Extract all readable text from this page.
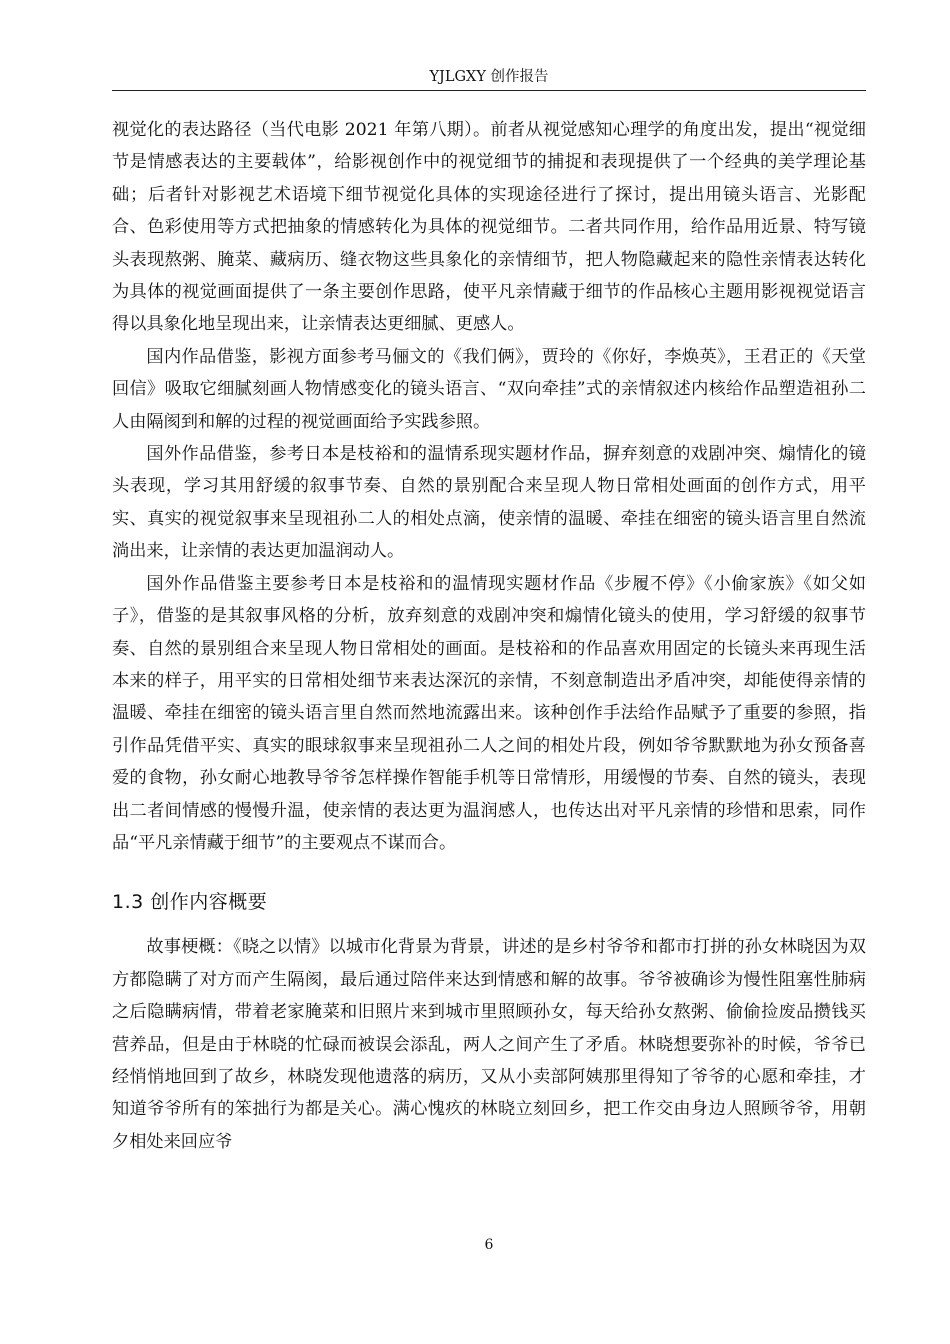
YJLGXY 创作报告

视觉化的表达路径（当代电影 2021 年第八期）。前者从视觉感知心理学的角度出发，提出“视觉细节是情感表达的主要载体”，给影视创作中的视觉细节的捕捉和表现提供了一个经典的美学理论基础；后者针对影视艺术语境下细节视觉化具体的实现途径进行了探讨，提出用镜头语言、光影配合、色彩使用等方式把抽象的情感转化为具体的视觉细节。二者共同作用，给作品用近景、特写镜头表现熬粥、腌菜、藏病历、缝衣物这些具象化的亲情细节，把人物隐藏起来的隐性亲情表达转化为具体的视觉画面提供了一条主要创作思路，使平凡亲情藏于细节的作品核心主题用影视视觉语言得以具象化地呈现出来，让亲情表达更细腻、更感人。

国内作品借鉴，影视方面参考马俪文的《我们俩》，贾玲的《你好，李焕英》，王君正的《天堂回信》吸取它细腻刻画人物情感变化的镜头语言、“双向牵挂”式的亲情叙述内核给作品塑造祖孙二人由隔阂到和解的过程的视觉画面给予实践参照。

国外作品借鉴，参考日本是枝裕和的温情系现实题材作品，摒弃刻意的戏剧冲突、煽情化的镜头表现，学习其用舒缓的叙事节奏、自然的景别配合来呈现人物日常相处画面的创作方式，用平实、真实的视觉叙事来呈现祖孙二人的相处点滴，使亲情的温暖、牵挂在细密的镜头语言里自然流淌出来，让亲情的表达更加温润动人。

国外作品借鉴主要参考日本是枝裕和的温情现实题材作品《步履不停》《小偷家族》《如父如子》，借鉴的是其叙事风格的分析，放弃刻意的戏剧冲突和煽情化镜头的使用，学习舒缓的叙事节奏、自然的景别组合来呈现人物日常相处的画面。是枝裕和的作品喜欢用固定的长镜头来再现生活本来的样子，用平实的日常相处细节来表达深沉的亲情，不刻意制造出矛盾冲突，却能使得亲情的温暖、牵挂在细密的镜头语言里自然而然地流露出来。该种创作手法给作品赋予了重要的参照，指引作品凭借平实、真实的眼球叙事来呈现祖孙二人之间的相处片段，例如爷爷默默地为孙女预备喜爱的食物，孙女耐心地教导爷爷怎样操作智能手机等日常情形，用缓慢的节奏、自然的镜头，表现出二者间情感的慢慢升温，使亲情的表达更为温润感人，也传达出对平凡亲情的珍惜和思索，同作品“平凡亲情藏于细节”的主要观点不谋而合。

1.3 创作内容概要

故事梗概：《晓之以情》以城市化背景为背景，讲述的是乡村爷爷和都市打拼的孙女林晓因为双方都隐瞒了对方而产生隔阂，最后通过陪伴来达到情感和解的故事。爷爷被确诊为慢性阻塞性肺病之后隐瞒病情，带着老家腌菜和旧照片来到城市里照顾孙女，每天给孙女熬粥、偷偷捡废品攒钱买营养品，但是由于林晓的忙碌而被误会添乱，两人之间产生了矛盾。林晓想要弥补的时候，爷爷已经悄悄地回到了故乡，林晓发现他遗落的病历，又从小卖部阿姨那里得知了爷爷的心愿和牵挂，才知道爷爷所有的笨拙行为都是关心。满心愧疚的林晓立刻回乡，把工作交由身边人照顾爷爷，用朝夕相处来回应爷

6
